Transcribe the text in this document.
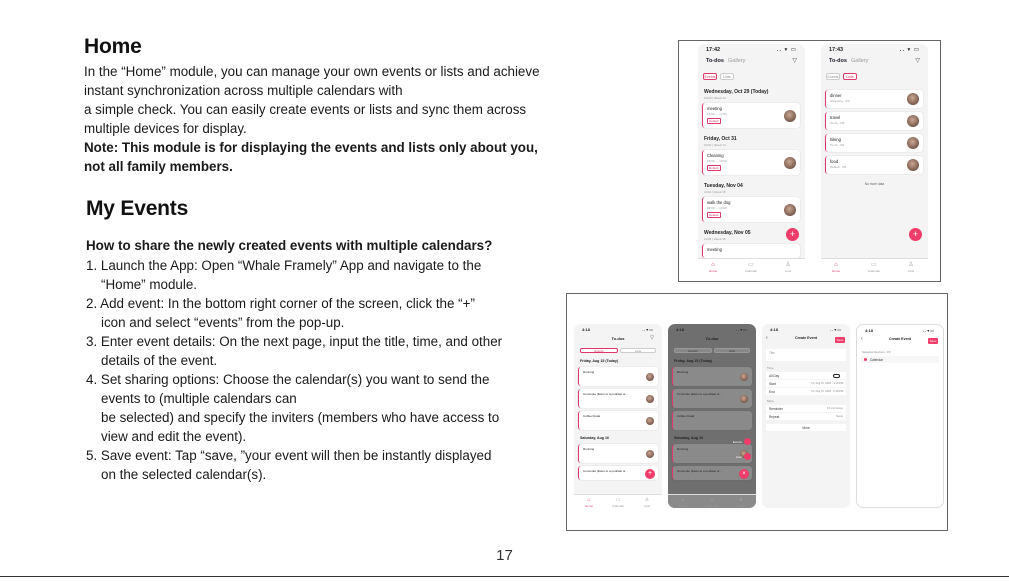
Home

In the “Home” module, you can manage your own events or lists and achieve

instant synchronization across multiple calendars with

a simple check. You can easily create events or lists and sync them across

multiple devices for display.

Note: This module is for displaying the events and lists only about you,

not all family members.

My Events
How to share the newly created events with multiple calendars?

1. Launch the App: Open “Whale Framely” App and navigate to the

“Home” module.

2. Add event: In the bottom right corner of the screen, click the “+”

icon and select “events” from the pop-up.

3. Enter event details: On the next page, input the title, time, and other

details of the event.

4. Set sharing options: Choose the calendar(s) you want to send the

events to (multiple calendars can

be selected) and specify the inviters (members who have access to

view and edit the event).

5. Save event: Tap “save, ”your event will then be instantly displayed

on the selected calendar(s).

17
17:42	.. ▾ ▭
To-dos Gallery	▽
Events	Lists
Wednesday, Oct 29 (Today)
10/29 | Week 44
meeting
15:00 → 17:00
Default
Friday, Oct 31
10/31 | Week 44
Cleaning
18:00 → 19:00
Default
Tuesday, Nov 04
11/04 | Week 45
walk the dog
09:00 → 10:00
Default
Wednesday, Nov 05
11/05 | Week 45
meeting
+
⌂
Home
▭
Calendar
♙
Lists
17:43	.. ▾ ▭
To-dos Gallery	▽
Events	Lists
dinner
Shopping · 0/9
travel
To-do · 2/8
hiking
To-do · 0/4
food
Default · 0/5
No more data
+
⌂
Home
▭
Calendar
♙
Lists
4:18	..▾▭
To-dos	▽
Events	Lists
Friday, Aug 15 (Today)
Running
Commute (listen to a podcast or...
Coffee break
Saturday, Aug 16
Running
Commute (listen to a podcast or...	+
⌂
Home
▭
Calendar
♙
Lists
4:18	..▾▭
To-dos
Events	Lists
Friday, Aug 15 (Today)
Running
Commute (listen to a podcast or...
Coffee break
Saturday, Aug 16
Running
Commute (listen to a podcast or...
Events
Lists
×
⌂
Home
▭
Calendar
♙
Lists
4:18	..▾▭
‹	Create Event	Save
Title
Time
All Day
Start	Fri, Aug 15, 2025 · 4:18 PM
End	Fri, Aug 15, 2025 · 5:18 PM
More
Reminder	15 min before
Repeat	Never
More
4:18	..▾▭
‹	Create Event	Save
Selected devices: 1/6
Calendar
